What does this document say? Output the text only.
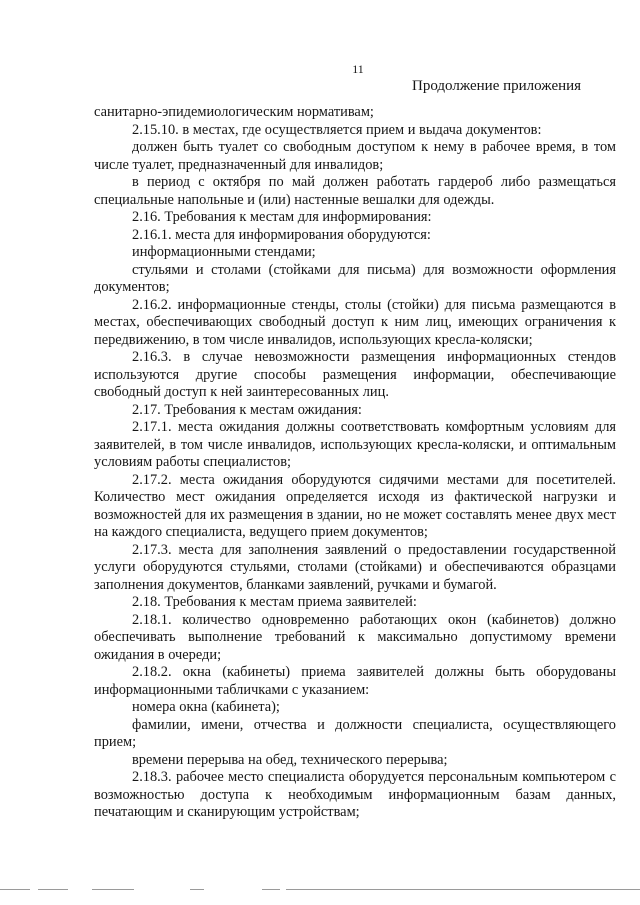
11
Продолжение приложения

санитарно-эпидемиологическим нормативам;

2.15.10. в местах, где осуществляется прием и выдача документов:

должен быть туалет со свободным доступом к нему в рабочее время, в том числе туалет, предназначенный для инвалидов;

в период с октября по май должен работать гардероб либо размещаться специальные напольные и (или) настенные вешалки для одежды.

2.16. Требования к местам для информирования:

2.16.1. места для информирования оборудуются:

информационными стендами;

стульями и столами (стойками для письма) для возможности оформления документов;

2.16.2. информационные стенды, столы (стойки) для письма размещаются в местах, обеспечивающих свободный доступ к ним лиц, имеющих ограничения к передвижению, в том числе инвалидов, использующих кресла-коляски;

2.16.3. в случае невозможности размещения информационных стендов используются другие способы размещения информации, обеспечивающие свободный доступ к ней заинтересованных лиц.

2.17. Требования к местам ожидания:

2.17.1. места ожидания должны соответствовать комфортным условиям для заявителей, в том числе инвалидов, использующих кресла-коляски, и оптимальным условиям работы специалистов;

2.17.2. места ожидания оборудуются сидячими местами для посетителей. Количество мест ожидания определяется исходя из фактической нагрузки и возможностей для их размещения в здании, но не может составлять менее двух мест на каждого специалиста, ведущего прием документов;

2.17.3. места для заполнения заявлений о предоставлении государственной услуги оборудуются стульями, столами (стойками) и обеспечиваются образцами заполнения документов, бланками заявлений, ручками и бумагой.

2.18. Требования к местам приема заявителей:

2.18.1. количество одновременно работающих окон (кабинетов) должно обеспечивать выполнение требований к максимально допустимому времени ожидания в очереди;

2.18.2. окна (кабинеты) приема заявителей должны быть оборудованы информационными табличками с указанием:

номера окна (кабинета);

фамилии, имени, отчества и должности специалиста, осуществляющего прием;

времени перерыва на обед, технического перерыва;

2.18.3. рабочее место специалиста оборудуется персональным компьютером с возможностью доступа к необходимым информационным базам данных, печатающим и сканирующим устройствам;
